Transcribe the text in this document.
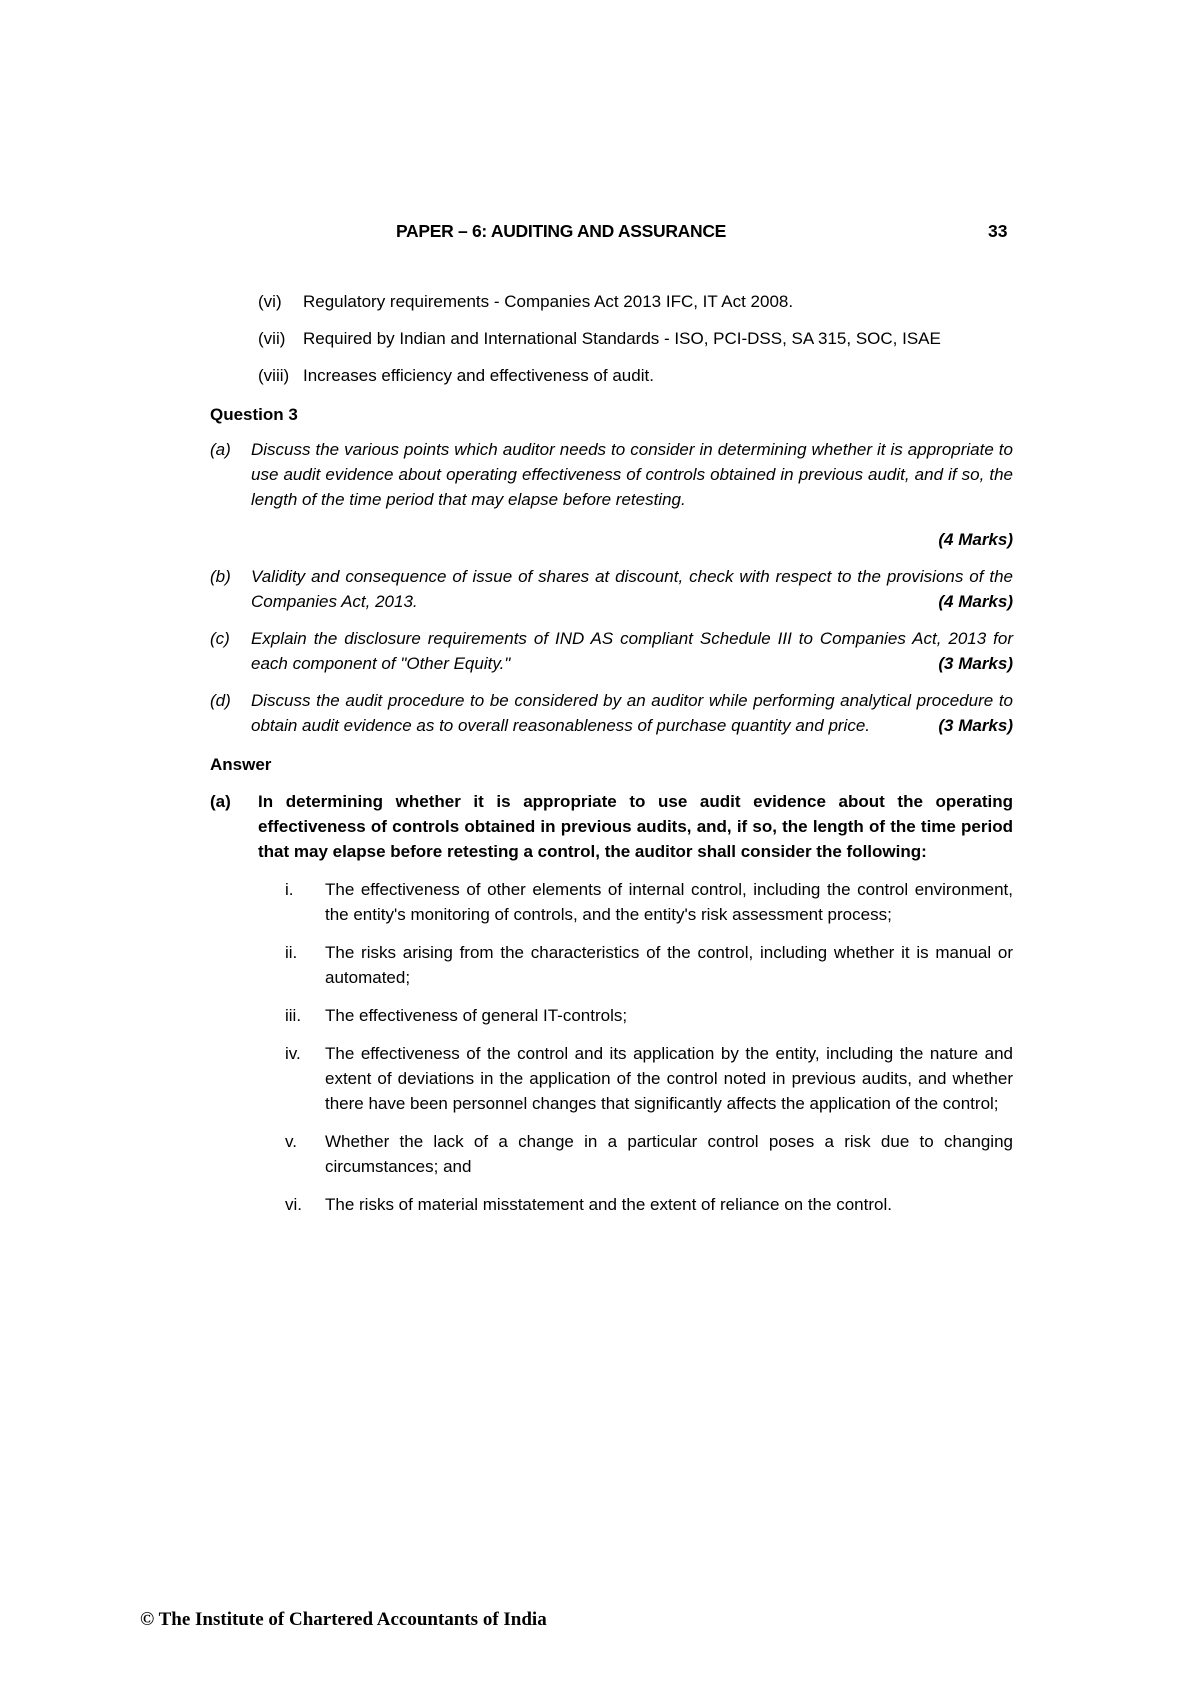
PAPER – 6: AUDITING AND ASSURANCE	33
(vi)	Regulatory requirements - Companies Act 2013 IFC, IT Act 2008.
(vii)	Required by Indian and International Standards - ISO, PCI-DSS, SA 315, SOC, ISAE
(viii) Increases efficiency and effectiveness of audit.
Question 3
(a)	Discuss the various points which auditor needs to consider in determining whether it is appropriate to use audit evidence about operating effectiveness of controls obtained in previous audit, and if so, the length of the time period that may elapse before retesting.

(4 Marks)
(b)	Validity and consequence of issue of shares at discount, check with respect to the provisions of the Companies Act, 2013.	(4 Marks)

(c)	Explain the disclosure requirements of IND AS compliant Schedule III to Companies Act, 2013 for each component of "Other Equity."	(3 Marks)

(d)	Discuss the audit procedure to be considered by an auditor while performing analytical procedure to obtain audit evidence as to overall reasonableness of purchase quantity and price.	(3 Marks)

Answer
(a)	In determining whether it is appropriate to use audit evidence about the operating effectiveness of controls obtained in previous audits, and, if so, the length of the time period that may elapse before retesting a control, the auditor shall consider the following:

i.	The effectiveness of other elements of internal control, including the control environment, the entity's monitoring of controls, and the entity's risk assessment process;

ii.	The risks arising from the characteristics of the control, including whether it is manual or automated;

iii.	The effectiveness of general IT-controls;

iv.	The effectiveness of the control and its application by the entity, including the nature and extent of deviations in the application of the control noted in previous audits, and whether there have been personnel changes that significantly affects the application of the control;

v.	Whether the lack of a change in a particular control poses a risk due to changing circumstances; and

vi.	The risks of material misstatement and the extent of reliance on the control.

© The Institute of Chartered Accountants of India
